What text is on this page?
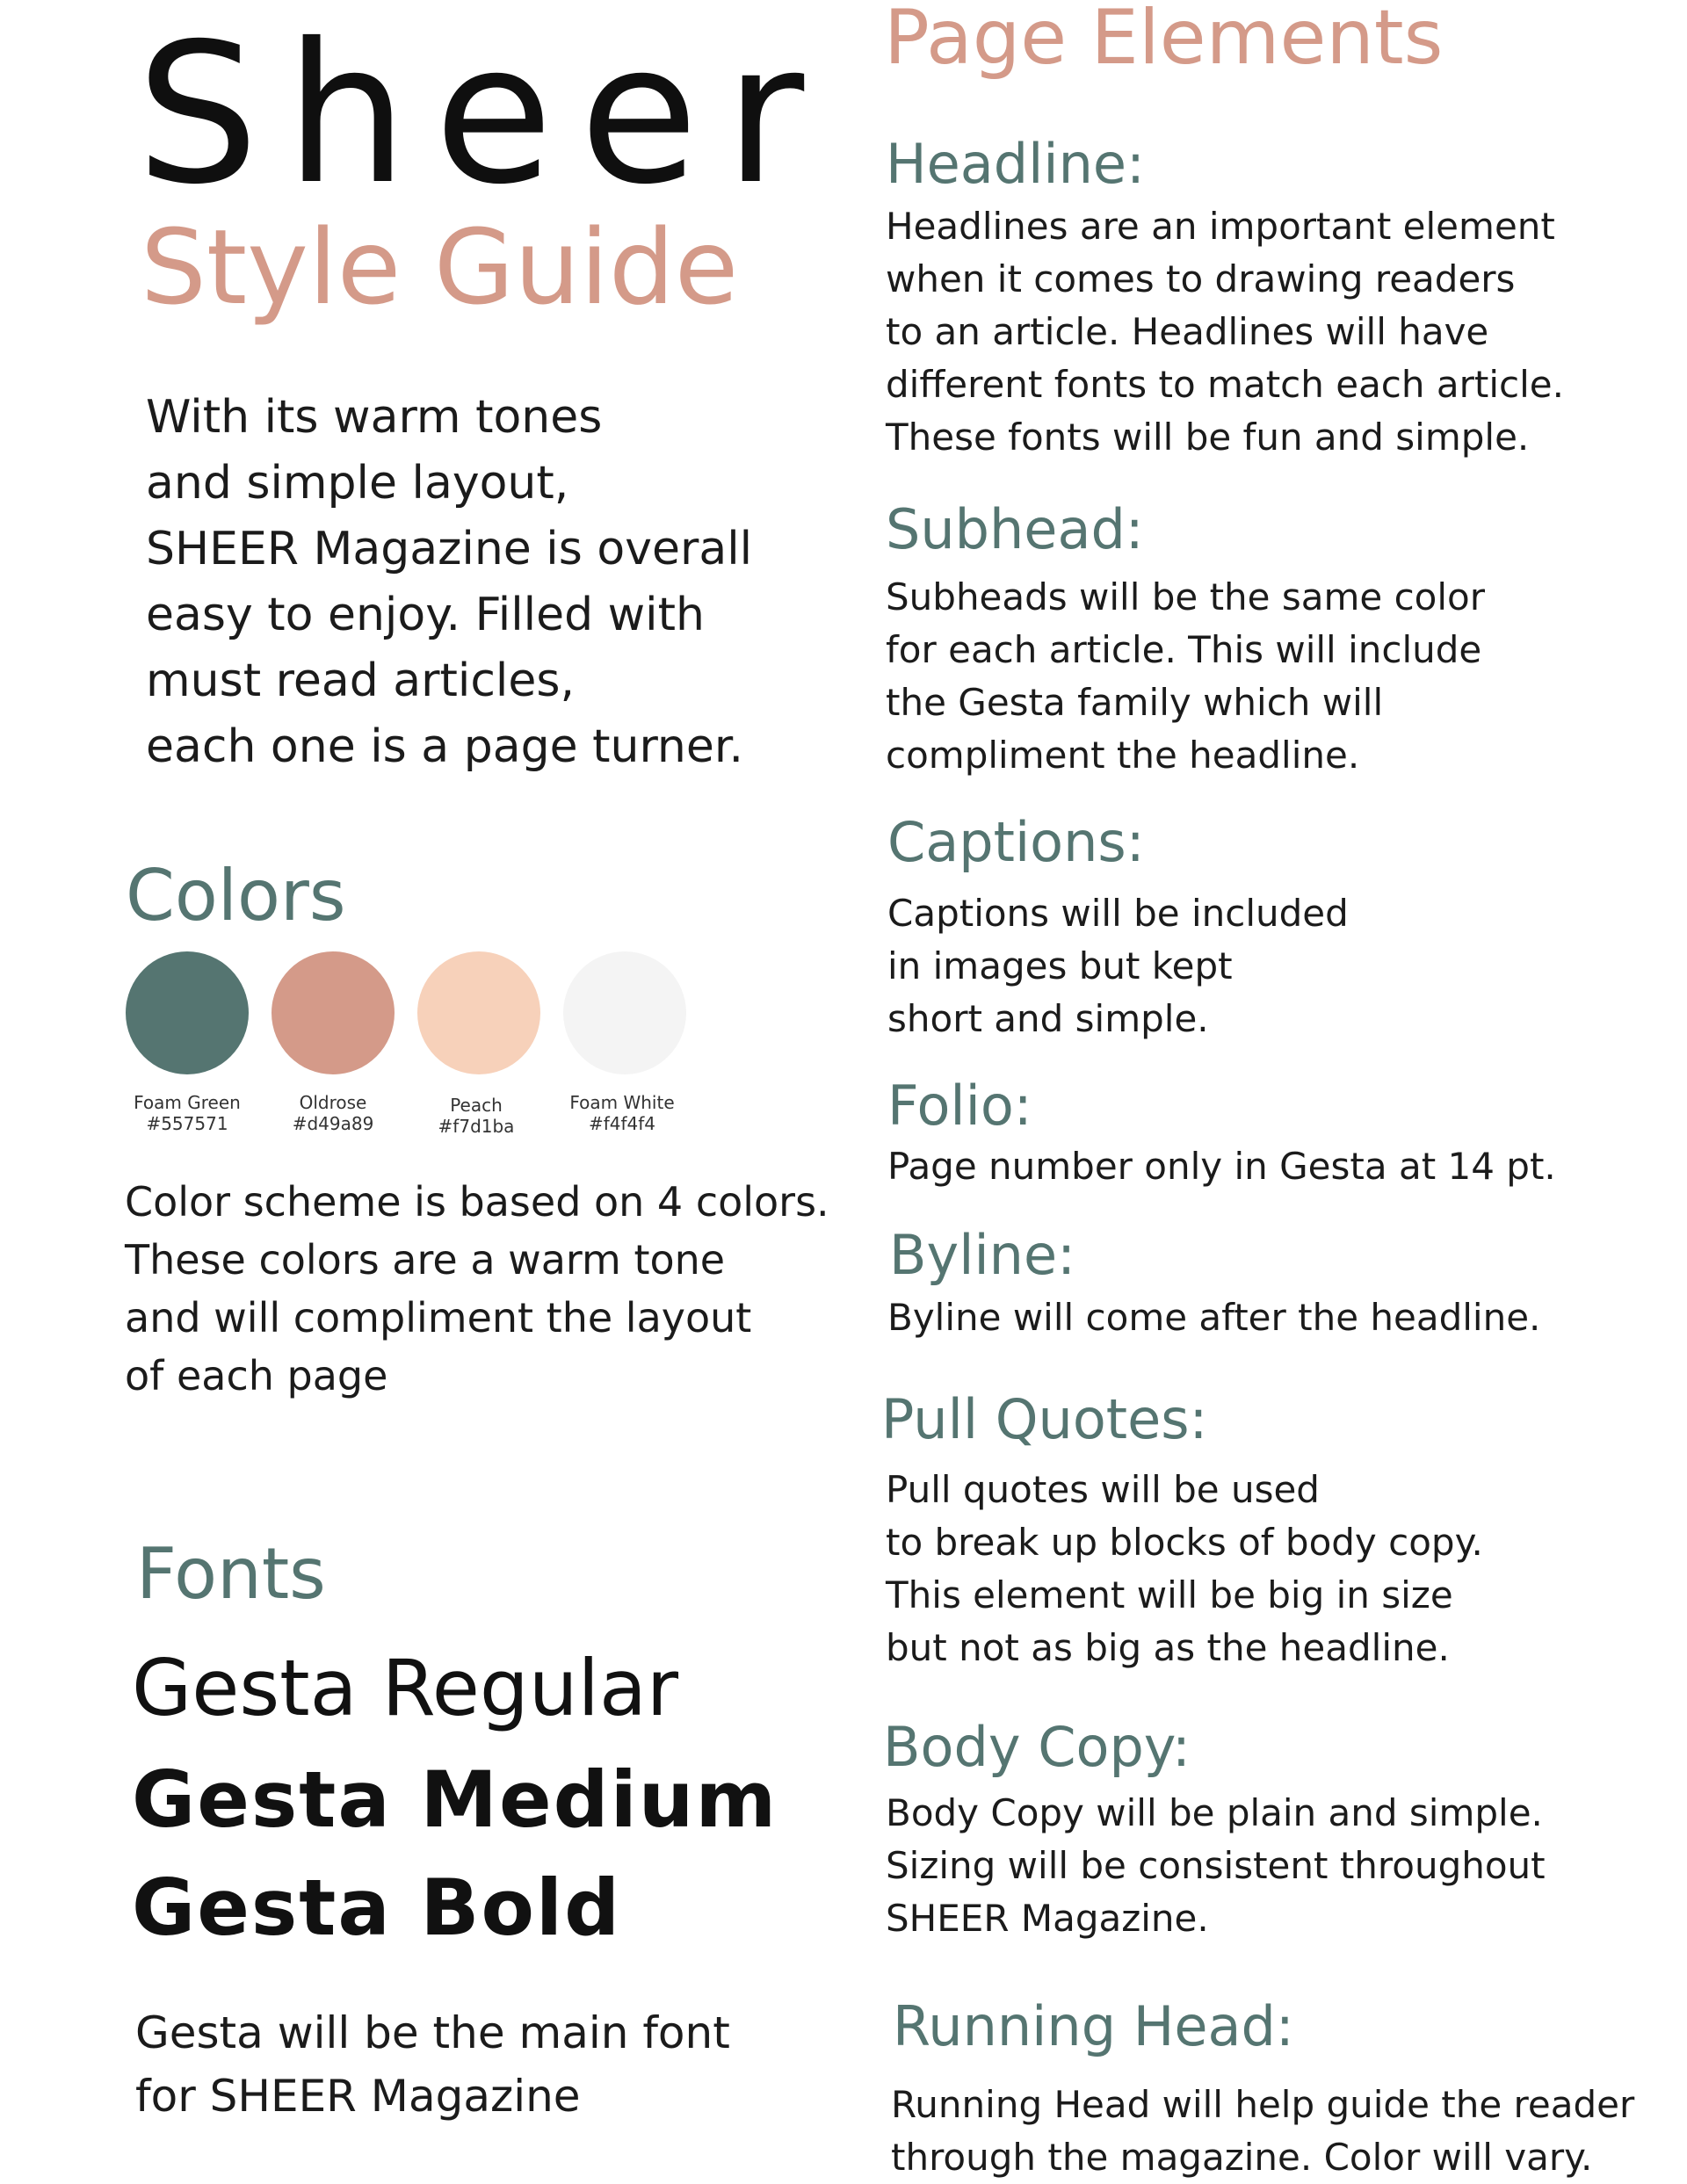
Sheer
Style Guide
With its warm tones
and simple layout,
SHEER Magazine is overall
easy to enjoy. Filled with
must read articles,
each one is a page turner.
Colors
Foam Green
#557571
Oldrose
#d49a89
Peach
#f7d1ba
Foam White
#f4f4f4
Color scheme is based on 4 colors.
These colors are a warm tone
and will compliment the layout
of each page
Fonts
Gesta Regular
Gesta Medium
Gesta Bold
Gesta will be the main font
for SHEER Magazine
Page Elements
Headline:
Headlines are an important element
when it comes to drawing readers
to an article. Headlines will have
different fonts to match each article.
These fonts will be fun and simple.
Subhead:
Subheads will be the same color
for each article. This will include
the Gesta family which will
compliment the headline.
Captions:
Captions will be included
in images but kept
short and simple.
Folio:
Page number only in Gesta at 14 pt.
Byline:
Byline will come after the headline.
Pull Quotes:
Pull quotes will be used
to break up blocks of body copy.
This element will be big in size
but not as big as the headline.
Body Copy:
Body Copy will be plain and simple.
Sizing will be consistent throughout
SHEER Magazine.
Running Head:
Running Head will help guide the reader
through the magazine. Color will vary.
